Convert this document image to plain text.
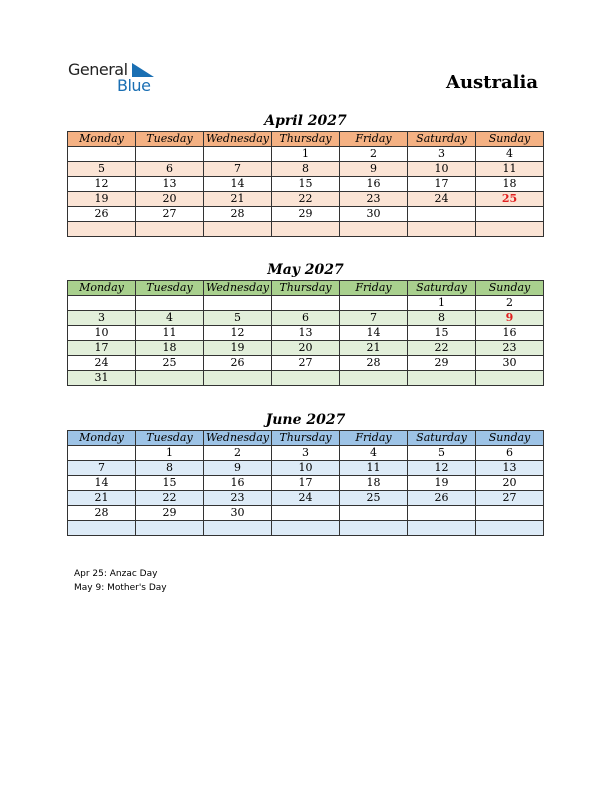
General
Blue	Australia
April 2027
Monday	Tuesday	Wednesday	Thursday	Friday	Saturday	Sunday
			1	2	3	4
5	6	7	8	9	10	11
12	13	14	15	16	17	18
19	20	21	22	23	24	25
26	27	28	29	30		

May 2027
Monday	Tuesday	Wednesday	Thursday	Friday	Saturday	Sunday
					1	2
3	4	5	6	7	8	9
10	11	12	13	14	15	16
17	18	19	20	21	22	23
24	25	26	27	28	29	30
31						
June 2027
Monday	Tuesday	Wednesday	Thursday	Friday	Saturday	Sunday
	1	2	3	4	5	6
7	8	9	10	11	12	13
14	15	16	17	18	19	20
21	22	23	24	25	26	27
28	29	30				

Apr 25: Anzac Day
May 9: Mother's Day
